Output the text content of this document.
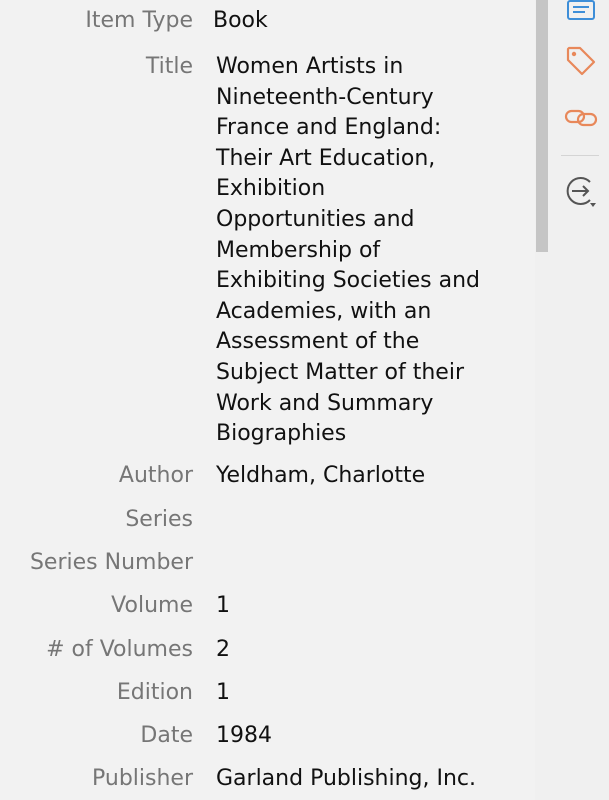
Item Type Book
Title Women Artists in Nineteenth-Century France and England: Their Art Education, Exhibition Opportunities and Membership of Exhibiting Societies and Academies, with an Assessment of the Subject Matter of their Work and Summary Biographies
Author Yeldham, Charlotte
Series
Series Number
Volume 1
# of Volumes 2
Edition 1
Date 1984
Publisher Garland Publishing, Inc.
